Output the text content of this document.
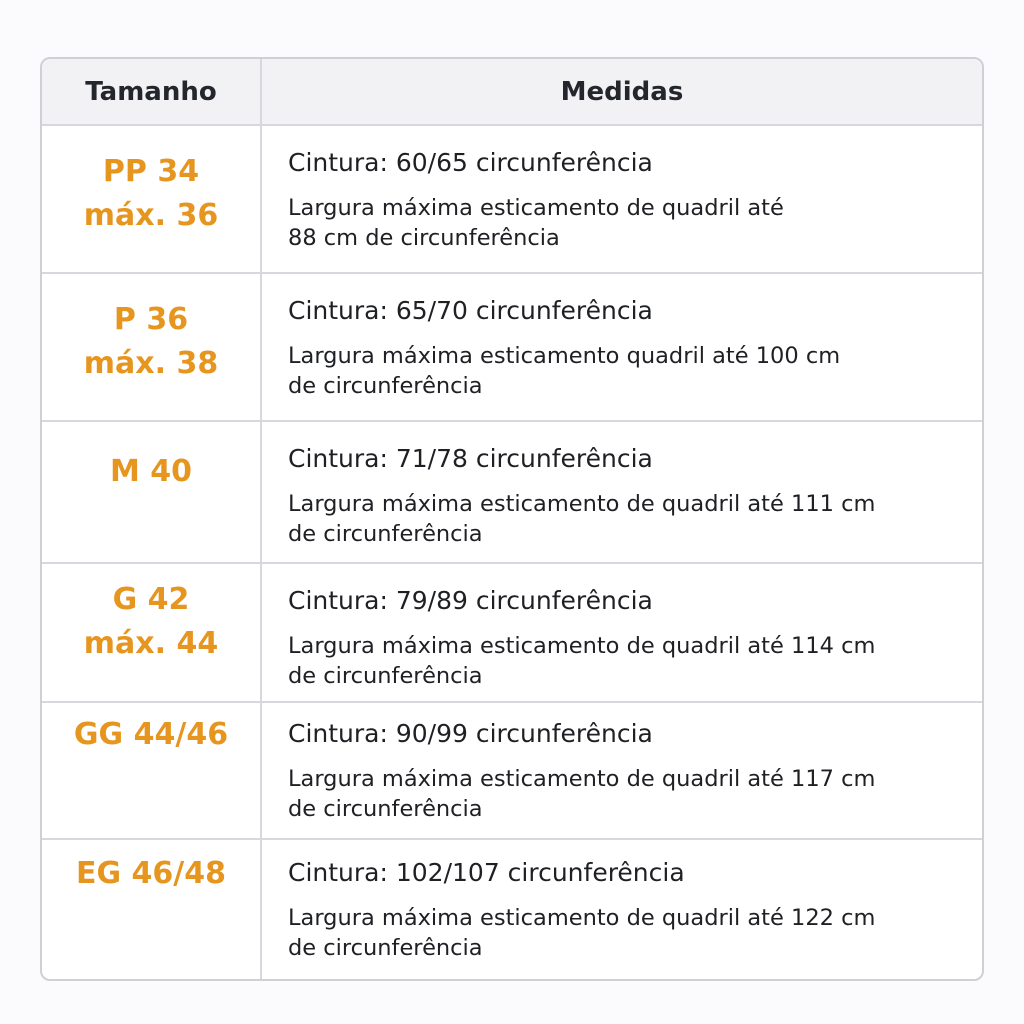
Tamanho	Medidas
PP 34
máx. 36
Cintura: 60/65 circunferência
Largura máxima esticamento de quadril até
88 cm de circunferência
P 36
máx. 38
Cintura: 65/70 circunferência
Largura máxima esticamento quadril até 100 cm
de circunferência
M 40	Cintura: 71/78 circunferência
Largura máxima esticamento de quadril até 111 cm
de circunferência
G 42
máx. 44
Cintura: 79/89 circunferência
Largura máxima esticamento de quadril até 114 cm
de circunferência
GG 44/46 Cintura: 90/99 circunferência
Largura máxima esticamento de quadril até 117 cm
de circunferência
EG 46/48 Cintura: 102/107 circunferência
Largura máxima esticamento de quadril até 122 cm
de circunferência
